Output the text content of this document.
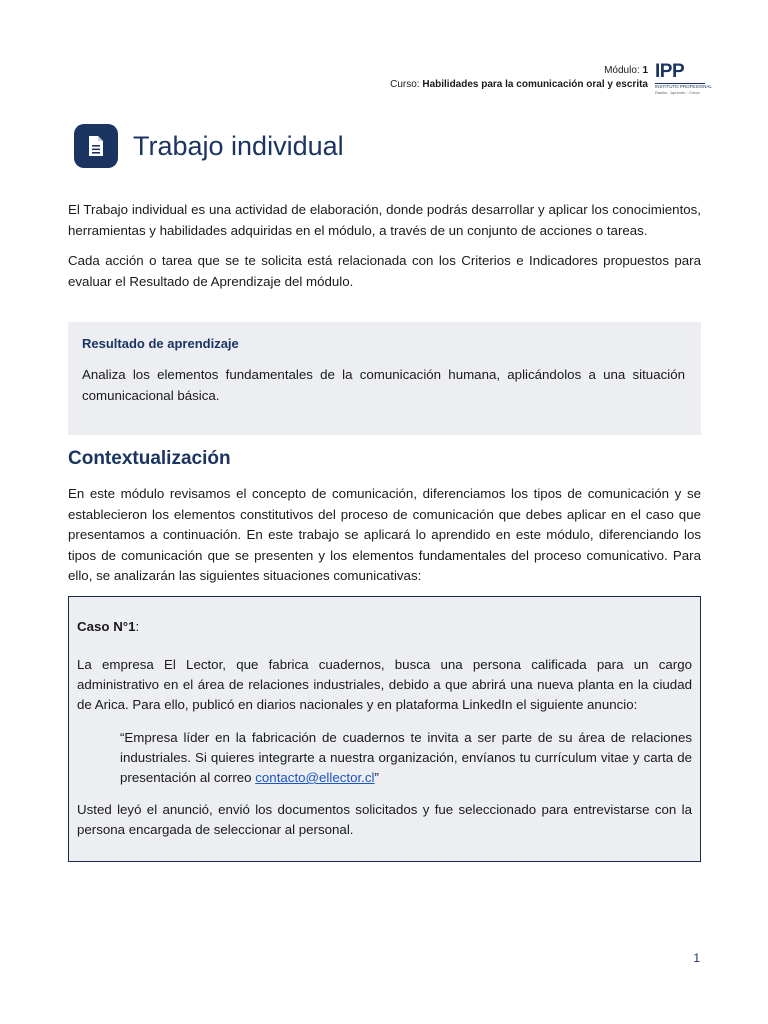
Módulo: 1
Curso: Habilidades para la comunicación oral y escrita
IPP
INSTITUTO PROFESIONAL
Rasilio · Aprende · Crece
Trabajo individual

El Trabajo individual es una actividad de elaboración, donde podrás desarrollar y aplicar los conocimientos, herramientas y habilidades adquiridas en el módulo, a través de un conjunto de acciones o tareas.

Cada acción o tarea que se te solicita está relacionada con los Criterios e Indicadores propuestos para evaluar el Resultado de Aprendizaje del módulo.

Resultado de aprendizaje

Analiza los elementos fundamentales de la comunicación humana, aplicándolos a una situación comunicacional básica.

Contextualización

En este módulo revisamos el concepto de comunicación, diferenciamos los tipos de comunicación y se establecieron los elementos constitutivos del proceso de comunicación que debes aplicar en el caso que presentamos a continuación. En este trabajo se aplicará lo aprendido en este módulo, diferenciando los tipos de comunicación que se presenten y los elementos fundamentales del proceso comunicativo. Para ello, se analizarán las siguientes situaciones comunicativas:

Caso N°1:

La empresa El Lector, que fabrica cuadernos, busca una persona calificada para un cargo administrativo en el área de relaciones industriales, debido a que abrirá una nueva planta en la ciudad de Arica. Para ello, publicó en diarios nacionales y en plataforma LinkedIn el siguiente anuncio:

“Empresa líder en la fabricación de cuadernos te invita a ser parte de su área de relaciones industriales. Si quieres integrarte a nuestra organización, envíanos tu currículum vitae y carta de presentación al correo contacto@ellector.cl”

Usted leyó el anunció, envió los documentos solicitados y fue seleccionado para entrevistarse con la persona encargada de seleccionar al personal.

1
